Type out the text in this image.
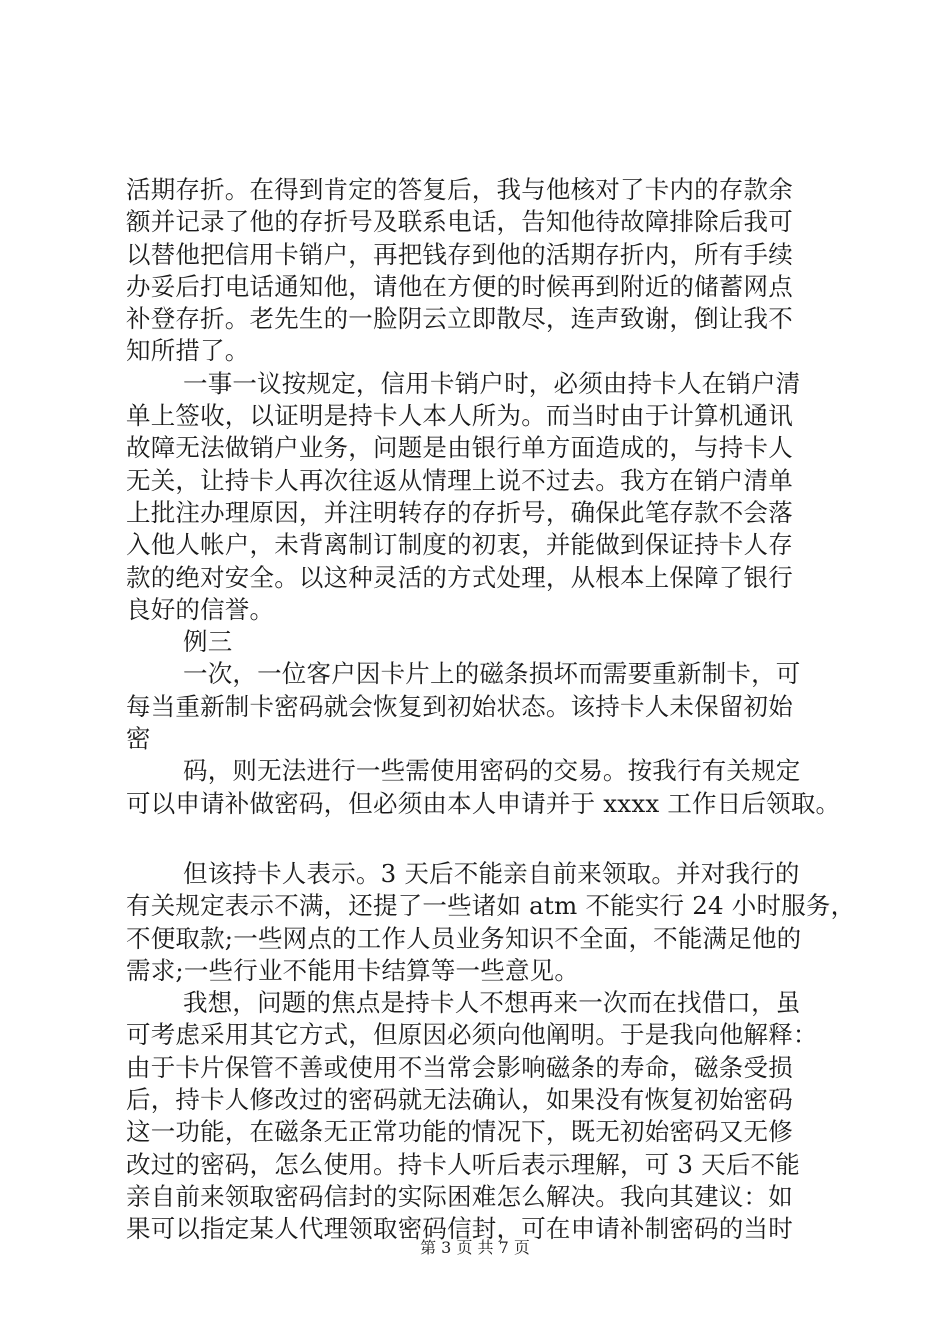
活期存折。在得到肯定的答复后，我与他核对了卡内的存款余
额并记录了他的存折号及联系电话，告知他待故障排除后我可
以替他把信用卡销户，再把钱存到他的活期存折内，所有手续
办妥后打电话通知他，请他在方便的时候再到附近的储蓄网点
补登存折。老先生的一脸阴云立即散尽，连声致谢，倒让我不
知所措了。
一事一议按规定，信用卡销户时，必须由持卡人在销户清
单上签收，以证明是持卡人本人所为。而当时由于计算机通讯
故障无法做销户业务，问题是由银行单方面造成的，与持卡人
无关，让持卡人再次往返从情理上说不过去。我方在销户清单
上批注办理原因，并注明转存的存折号，确保此笔存款不会落
入他人帐户，未背离制订制度的初衷，并能做到保证持卡人存
款的绝对安全。以这种灵活的方式处理，从根本上保障了银行
良好的信誉。
例三
一次，一位客户因卡片上的磁条损坏而需要重新制卡，可
每当重新制卡密码就会恢复到初始状态。该持卡人未保留初始
密
码，则无法进行一些需使用密码的交易。按我行有关规定
可以申请补做密码，但必须由本人申请并于 xxxx 工作日后领取。
但该持卡人表示。3 天后不能亲自前来领取。并对我行的
有关规定表示不满，还提了一些诸如 atm 不能实行 24 小时服务，
不便取款;一些网点的工作人员业务知识不全面，不能满足他的
需求;一些行业不能用卡结算等一些意见。
我想，问题的焦点是持卡人不想再来一次而在找借口，虽
可考虑采用其它方式，但原因必须向他阐明。于是我向他解释：
由于卡片保管不善或使用不当常会影响磁条的寿命，磁条受损
后，持卡人修改过的密码就无法确认，如果没有恢复初始密码
这一功能，在磁条无正常功能的情况下，既无初始密码又无修
改过的密码，怎么使用。持卡人听后表示理解，可 3 天后不能
亲自前来领取密码信封的实际困难怎么解决。我向其建议：如
果可以指定某人代理领取密码信封，可在申请补制密码的当时
第 3 页 共 7 页
